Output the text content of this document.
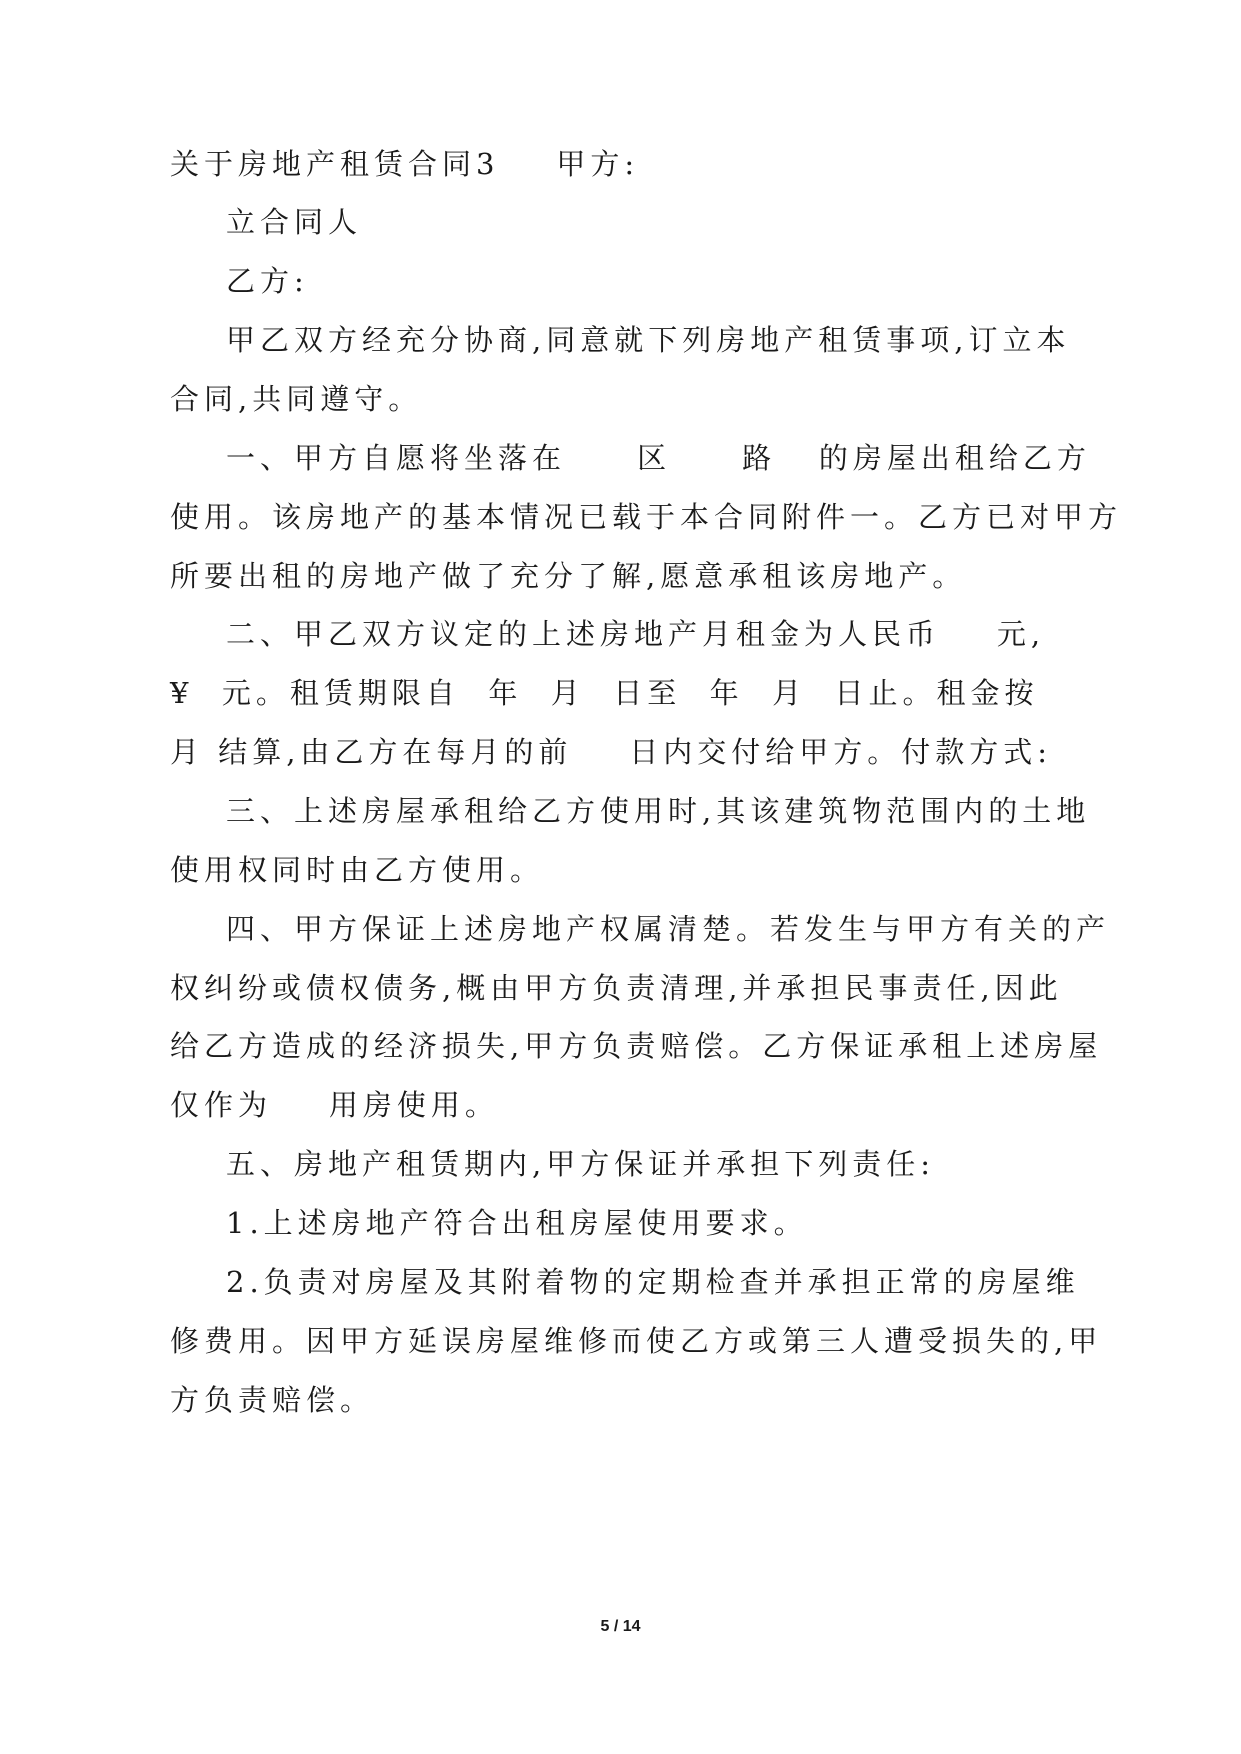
关于房地产租赁合同3    甲方:
立合同人
乙方:
甲乙双方经充分协商,同意就下列房地产租赁事项,订立本
合同,共同遵守。
一、甲方自愿将坐落在     区     路   的房屋出租给乙方
使用。该房地产的基本情况已载于本合同附件一。乙方已对甲方
所要出租的房地产做了充分了解,愿意承租该房地产。
二、甲乙双方议定的上述房地产月租金为人民币    元,
¥  元。租赁期限自  年  月  日至  年  月  日止。租金按
月 结算,由乙方在每月的前    日内交付给甲方。付款方式:
三、上述房屋承租给乙方使用时,其该建筑物范围内的土地
使用权同时由乙方使用。
四、甲方保证上述房地产权属清楚。若发生与甲方有关的产
权纠纷或债权债务,概由甲方负责清理,并承担民事责任,因此
给乙方造成的经济损失,甲方负责赔偿。乙方保证承租上述房屋
仅作为    用房使用。
五、房地产租赁期内,甲方保证并承担下列责任:
1.上述房地产符合出租房屋使用要求。
2.负责对房屋及其附着物的定期检查并承担正常的房屋维
修费用。因甲方延误房屋维修而使乙方或第三人遭受损失的,甲
方负责赔偿。
5 / 14
